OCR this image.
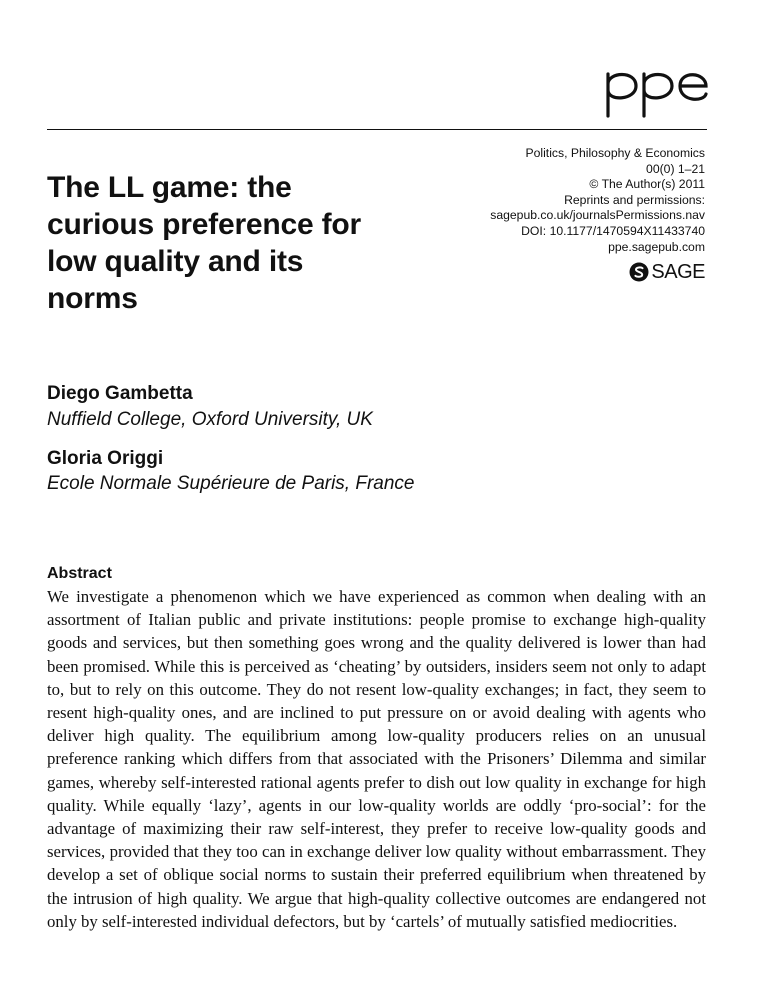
Politics, Philosophy & Economics
00(0) 1–21
© The Author(s) 2011
Reprints and permissions:
sagepub.co.uk/journalsPermissions.nav
DOI: 10.1177/1470594X11433740
ppe.sagepub.com
SAGE
The LL game: the
curious preference for
low quality and its
norms
Diego Gambetta
Nuffield College, Oxford University, UK
Gloria Origgi
Ecole Normale Supérieure de Paris, France
Abstract

We investigate a phenomenon which we have experienced as common when dealing with an assortment of Italian public and private institutions: people promise to exchange high-quality goods and services, but then something goes wrong and the quality delivered is lower than had been promised. While this is perceived as ‘cheating’ by outsiders, insiders seem not only to adapt to, but to rely on this outcome. They do not resent low-quality exchanges; in fact, they seem to resent high-quality ones, and are inclined to put pressure on or avoid dealing with agents who deliver high quality. The equilibrium among low-quality producers relies on an unusual preference ranking which differs from that associated with the Prisoners’ Dilemma and similar games, whereby self-interested rational agents prefer to dish out low quality in exchange for high quality. While equally ‘lazy’, agents in our low-quality worlds are oddly ‘pro-social’: for the advantage of maximizing their raw self-interest, they prefer to receive low-quality goods and services, provided that they too can in exchange deliver low quality without embarrassment. They develop a set of oblique social norms to sustain their preferred equilibrium when threatened by the intrusion of high quality. We argue that high-quality collective outcomes are endangered not only by self-interested individual defectors, but by ‘cartels’ of mutually satisfied mediocrities.
